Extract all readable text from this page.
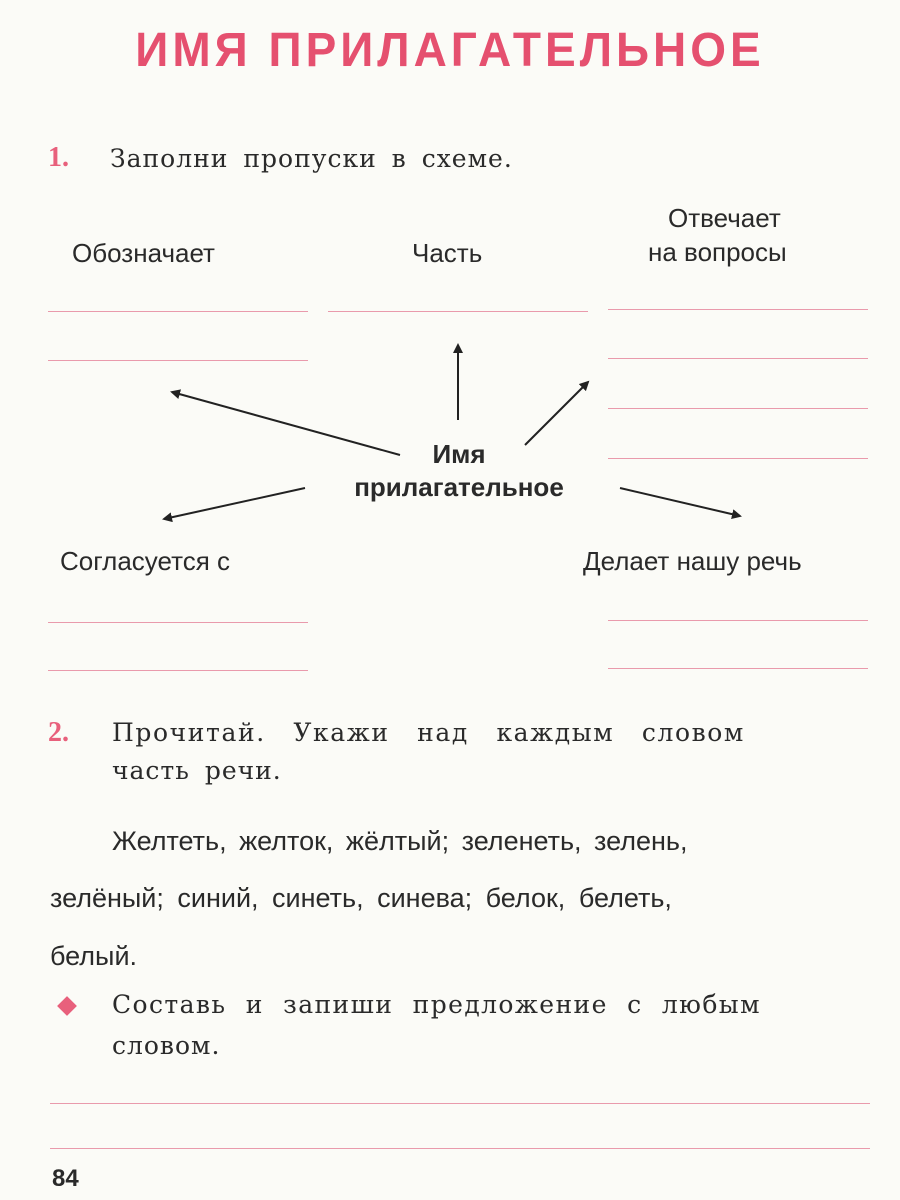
ИМЯ ПРИЛАГАТЕЛЬНОЕ
1. Заполни пропуски в схеме.
Обозначает	Часть
Отвечает
на вопросы
Имя
прилагательное
Согласуется с	Делает нашу речь
2. Прочитай. Укажи над каждым словом
часть речи.
Желтеть, желток, жёлтый; зеленеть, зелень,
зелёный; синий, синеть, синева; белок, белеть,
белый.
Составь и запиши предложение с любым
словом.
84
